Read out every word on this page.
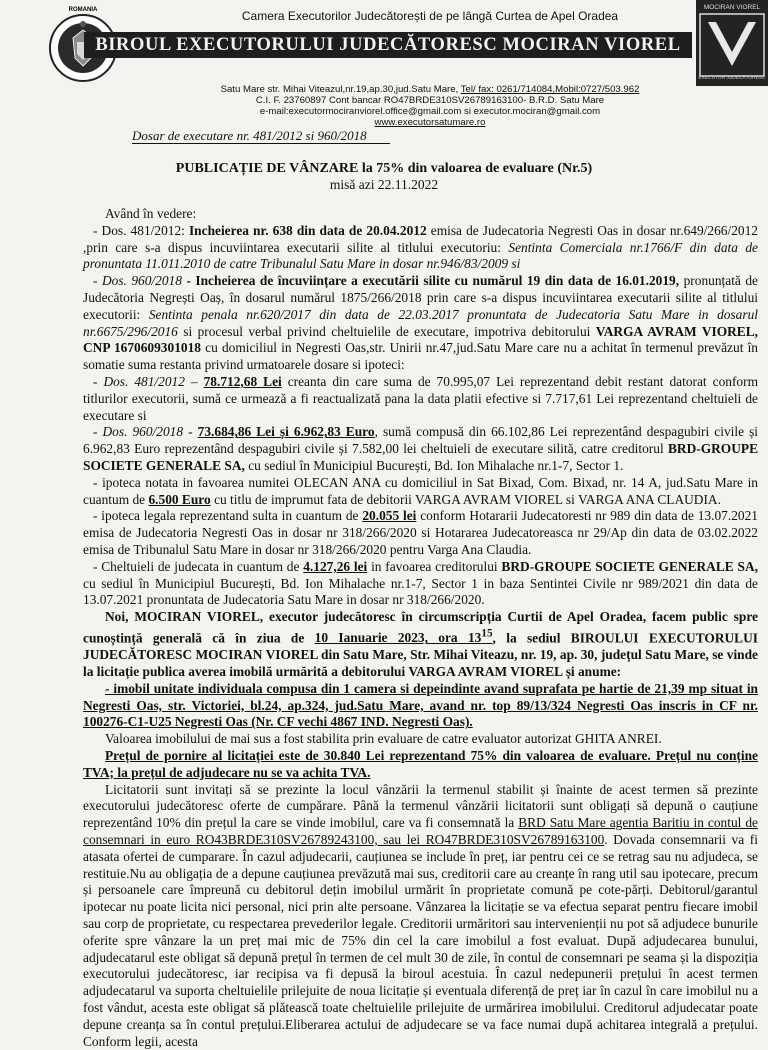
ROMANIA	Camera Executorilor Judecătorești de pe lângă Curtea de Apel Oradea
BIROUL EXECUTORULUI JUDECĂTORESC MOCIRAN VIOREL
MOCIRAN VIOREL
EXECUTOR JUDECĂTORESC
Satu Mare str. Mihai Viteazul,nr.19,ap.30,jud.Satu Mare, Tel/ fax: 0261/714084,Mobil:0727/503.962
C.I. F. 23760897 Cont bancar RO47BRDE310SV26789163100- B.R.D. Satu Mare
e-mail:executormociranviorel.office@gmail.com si executor.mociran@gmail.com
www.executorsatumare.ro
Dosar de executare nr. 481/2012 si 960/2018
PUBLICAȚIE DE VÂNZARE la 75% din valoarea de evaluare (Nr.5)
misă azi 22.11.2022

Având în vedere:

- Dos. 481/2012: Incheierea nr. 638 din data de 20.04.2012 emisa de Judecatoria Negresti Oas in dosar nr.649/266/2012 ,prin care s-a dispus incuviintarea executarii silite al titlului executoriu: Sentinta Comerciala nr.1766/F din data de pronuntata 11.011.2010 de catre Tribunalul Satu Mare in dosar nr.946/83/2009 si

- Dos. 960/2018 - Incheierea de încuviințare a executării silite cu numărul 19 din data de 16.01.2019, pronunțată de Judecătoria Negrești Oaș, în dosarul numărul 1875/266/2018 prin care s-a dispus incuviintarea executarii silite al titlului executorii: Sentinta penala nr.620/2017 din data de 22.03.2017 pronuntata de Judecatoria Satu Mare in dosarul nr.6675/296/2016 si procesul verbal privind cheltuielile de executare, impotriva debitorului VARGA AVRAM VIOREL, CNP 1670609301018 cu domiciliul in Negresti Oas,str. Unirii nr.47,jud.Satu Mare care nu a achitat în termenul prevăzut în somatie suma restanta privind urmatoarele dosare si ipoteci:

- Dos. 481/2012 – 78.712,68 Lei creanta din care suma de 70.995,07 Lei reprezentand debit restant datorat conform titlurilor executorii, sumă ce urmează a fi reactualizată pana la data platii efective si 7.717,61 Lei reprezentand cheltuieli de executare si

- Dos. 960/2018 - 73.684,86 Lei și 6.962,83 Euro, sumă compusă din 66.102,86 Lei reprezentând despagubiri civile și 6.962,83 Euro reprezentând despagubiri civile și 7.582,00 lei cheltuieli de executare silită, catre creditorul BRD-GROUPE SOCIETE GENERALE SA, cu sediul în Municipiul București, Bd. Ion Mihalache nr.1-7, Sector 1.

- ipoteca notata in favoarea numitei OLECAN ANA cu domiciliul in Sat Bixad, Com. Bixad, nr. 14 A, jud.Satu Mare in cuantum de 6.500 Euro cu titlu de imprumut fata de debitorii VARGA AVRAM VIOREL si VARGA ANA CLAUDIA.

- ipoteca legala reprezentand sulta in cuantum de 20.055 lei conform Hotararii Judecatoresti nr 989 din data de 13.07.2021 emisa de Judecatoria Negresti Oas in dosar nr 318/266/2020 si Hotararea Judecatoreasca nr 29/Ap din data de 03.02.2022 emisa de Tribunalul Satu Mare in dosar nr 318/266/2020 pentru Varga Ana Claudia.

- Cheltuieli de judecata in cuantum de 4.127,26 lei in favoarea creditorului BRD-GROUPE SOCIETE GENERALE SA, cu sediul în Municipiul București, Bd. Ion Mihalache nr.1-7, Sector 1 in baza Sentintei Civile nr 989/2021 din data de 13.07.2021 pronuntata de Judecatoria Satu Mare in dosar nr 318/266/2020.

Noi, MOCIRAN VIOREL, executor judecătoresc în circumscripția Curtii de Apel Oradea, facem public spre cunoștință generală că în ziua de 10 Ianuarie 2023, ora $13^{15}$, la sediul BIROULUI EXECUTORULUI JUDECĂTORESC MOCIRAN VIOREL din Satu Mare, Str. Mihai Viteazu, nr. 19, ap. 30, județul Satu Mare, se vinde la licitație publica averea imobilă urmărită a debitorului VARGA AVRAM VIOREL și anume:

- imobil unitate individuala compusa din 1 camera si depeindinte avand suprafata pe hartie de 21,39 mp situat in Negresti Oas, str. Victoriei, bl.24, ap.324, jud.Satu Mare, avand nr. top 89/13/324 Negresti Oas inscris in CF nr. 100276-C1-U25 Negresti Oas (Nr. CF vechi 4867 IND. Negresti Oas).

Valoarea imobilului de mai sus a fost stabilita prin evaluare de catre evaluator autorizat GHITA ANREI.

Prețul de pornire al licitației este de 30.840 Lei reprezentand 75% din valoarea de evaluare. Prețul nu conține TVA; la prețul de adjudecare nu se va achita TVA.

Licitatorii sunt invitați să se prezinte la locul vânzării la termenul stabilit și înainte de acest termen să prezinte executorului judecătoresc oferte de cumpărare. Până la termenul vânzării licitatorii sunt obligați să depună o cauțiune reprezentând 10% din prețul la care se vinde imobilul, care va fi consemnată la BRD Satu Mare agentia Baritiu in contul de consemnari in euro RO43BRDE310SV26789243100, sau lei RO47BRDE310SV26789163100. Dovada consemnarii va fi atasata ofertei de cumparare. În cazul adjudecarii, cauțiunea se include în preț, iar pentru cei ce se retrag sau nu adjudeca, se restituie.Nu au obligația de a depune cauțiunea prevăzută mai sus, creditorii care au creanțe în rang util sau ipotecare, precum și persoanele care împreună cu debitorul dețin imobilul urmărit în proprietate comună pe cote-părți. Debitorul/garantul ipotecar nu poate licita nici personal, nici prin alte persoane. Vânzarea la licitație se va efectua separat pentru fiecare imobil sau corp de proprietate, cu respectarea prevederilor legale. Creditorii urmăritori sau intervenienții nu pot să adjudece bunurile oferite spre vânzare la un preț mai mic de 75% din cel la care imobilul a fost evaluat. După adjudecarea bunului, adjudecatarul este obligat să depună prețul în termen de cel mult 30 de zile, în contul de consemnari pe seama și la dispoziția executorului judecătoresc, iar recipisa va fi depusă la biroul acestuia. În cazul nedepunerii prețului în acest termen adjudecatarul va suporta cheltuielile prilejuite de noua licitație și eventuala diferență de preț iar în cazul în care imobilul nu a fost vândut, acesta este obligat să plătească toate cheltuielile prilejuite de urmărirea imobilului. Creditorul adjudecatar poate depune creanța sa în contul prețului.Eliberarea actului de adjudecare se va face numai după achitarea integrală a prețului. Conform legii, acesta
